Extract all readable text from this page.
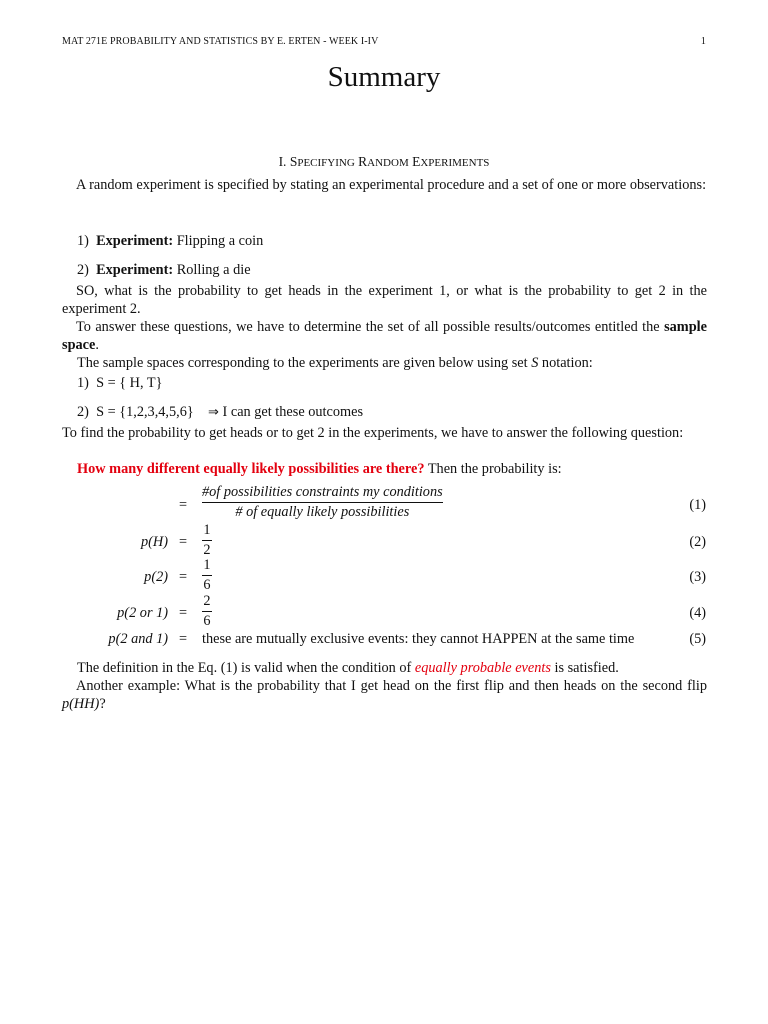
MAT 271E PROBABILITY AND STATISTICS BY E. ERTEN - WEEK I-IV	1
Summary
I. SPECIFYING RANDOM EXPERIMENTS
A random experiment is specified by stating an experimental procedure and a set of one or more observations:
1) Experiment: Flipping a coin
2) Experiment: Rolling a die
SO, what is the probability to get heads in the experiment 1, or what is the probability to get 2 in the experiment 2.
To answer these questions, we have to determine the set of all possible results/outcomes entitled the sample space.
The sample spaces corresponding to the experiments are given below using set S notation:
1) S = { H, T}
2) S = {1,2,3,4,5,6} ⇒ I can get these outcomes
To find the probability to get heads or to get 2 in the experiments, we have to answer the following question:
How many different equally likely possibilities are there? Then the probability is:
=
#of possibilities constraints my conditions
# of equally likely possibilities	(1)
p(H) =
1
2	(2)
p(2) =
1
6	(3)
p(2 or 1) =
2
6	(4)
p(2 and 1) = these are mutually exclusive events: they cannot HAPPEN at the same time	(5)
The definition in the Eq. (1) is valid when the condition of equally probable events is satisfied.
Another example: What is the probability that I get head on the first flip and then heads on the second flip p(HH)?
